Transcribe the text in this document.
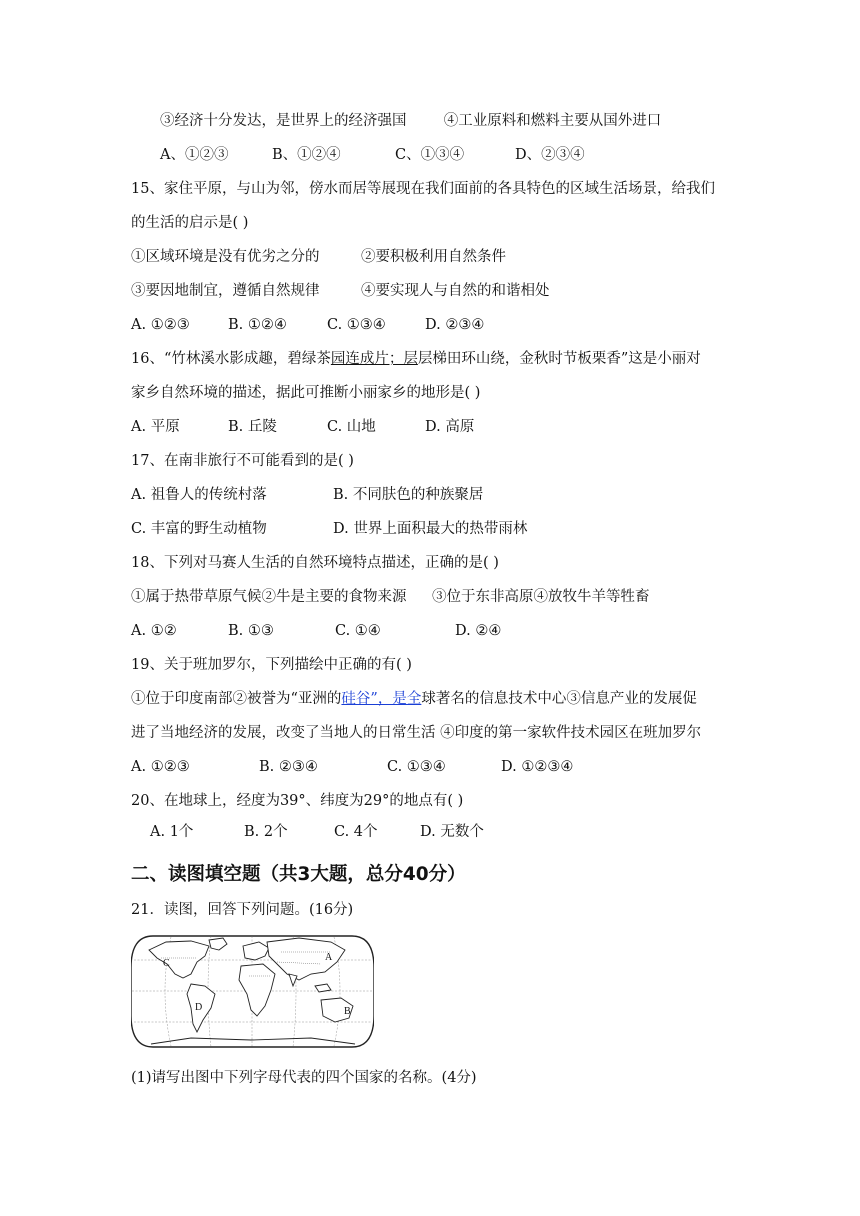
③经济十分发达，是世界上的经济强国	④工业原料和燃料主要从国外进口
A、①②③	B、①②④	C、①③④	D、②③④
15、家住平原，与山为邻，傍水而居等展现在我们面前的各具特色的区域生活场景，给我们
的生活的启示是( )
①区域环境是没有优劣之分的	②要积极利用自然条件
③要因地制宜，遵循自然规律	④要实现人与自然的和谐相处
A. ①②③	B. ①②④	C. ①③④	D. ②③④
16、“竹林溪水影成趣，碧绿茶园连成片；层层梯田环山绕，金秋时节板栗香”这是小丽对
家乡自然环境的描述，据此可推断小丽家乡的地形是( )
A. 平原	B. 丘陵	C. 山地	D. 高原
17、在南非旅行不可能看到的是( )
A. 祖鲁人的传统村落	B. 不同肤色的种族聚居
C. 丰富的野生动植物	D. 世界上面积最大的热带雨林
18、下列对马赛人生活的自然环境特点描述，正确的是( )
①属于热带草原气候②牛是主要的食物来源 ③位于东非高原④放牧牛羊等牲畜
A. ①②	B. ①③	C. ①④	D. ②④
19、关于班加罗尔，下列描绘中正确的有( )
①位于印度南部②被誉为“亚洲的硅谷”，是全球著名的信息技术中心③信息产业的发展促
进了当地经济的发展，改变了当地人的日常生活 ④印度的第一家软件技术园区在班加罗尔
A. ①②③	B. ②③④	C. ①③④	D. ①②③④
20、在地球上，经度为39°、纬度为29°的地点有( )
A. 1个	B. 2个	C. 4个	D. 无数个
二、读图填空题（共3大题，总分40分）
21．读图，回答下列问题。(16分)
C
D
A
B
(1)请写出图中下列字母代表的四个国家的名称。(4分)
